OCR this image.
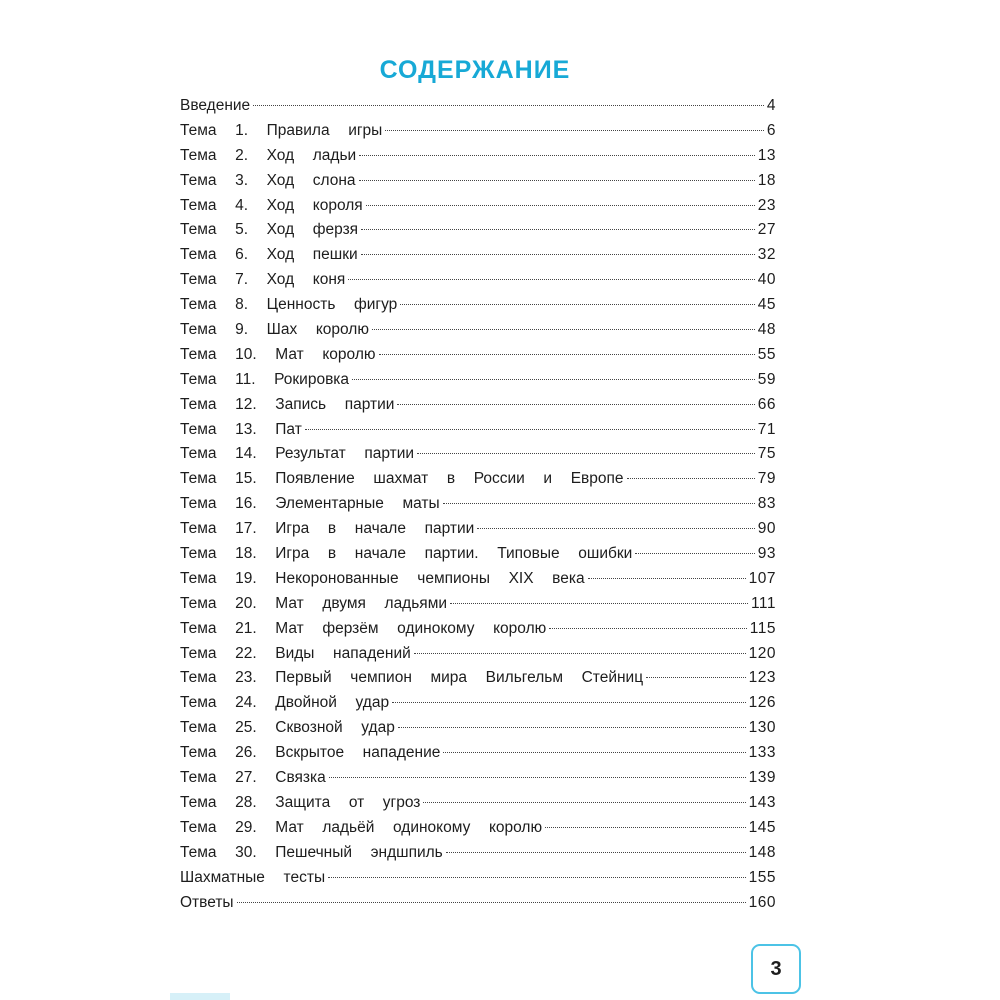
СОДЕРЖАНИЕ
Введение	4
Тема  1.  Правила  игры	6
Тема  2.  Ход  ладьи	13
Тема  3.  Ход  слона	18
Тема  4.  Ход  короля	23
Тема  5.  Ход  ферзя	27
Тема  6.  Ход  пешки	32
Тема  7.  Ход  коня	40
Тема  8.  Ценность  фигур	45
Тема  9.  Шах  королю	48
Тема  10.  Мат  королю	55
Тема  11.  Рокировка	59
Тема  12.  Запись  партии	66
Тема  13.  Пат	71
Тема  14.  Результат  партии	75
Тема  15.  Появление  шахмат  в  России  и  Европе	79
Тема  16.  Элементарные  маты	83
Тема  17.  Игра  в  начале  партии	90
Тема  18.  Игра  в  начале  партии.  Типовые  ошибки	93
Тема  19.  Некоронованные  чемпионы  XIX  века	107
Тема  20.  Мат  двумя  ладьями	111
Тема  21.  Мат  ферзём  одинокому  королю	115
Тема  22.  Виды  нападений	120
Тема  23.  Первый  чемпион  мира  Вильгельм  Стейниц	123
Тема  24.  Двойной  удар	126
Тема  25.  Сквозной  удар	130
Тема  26.  Вскрытое  нападение	133
Тема  27.  Связка	139
Тема  28.  Защита  от  угроз	143
Тема  29.  Мат  ладьёй  одинокому  королю	145
Тема  30.  Пешечный  эндшпиль	148
Шахматные  тесты	155
Ответы	160
3
